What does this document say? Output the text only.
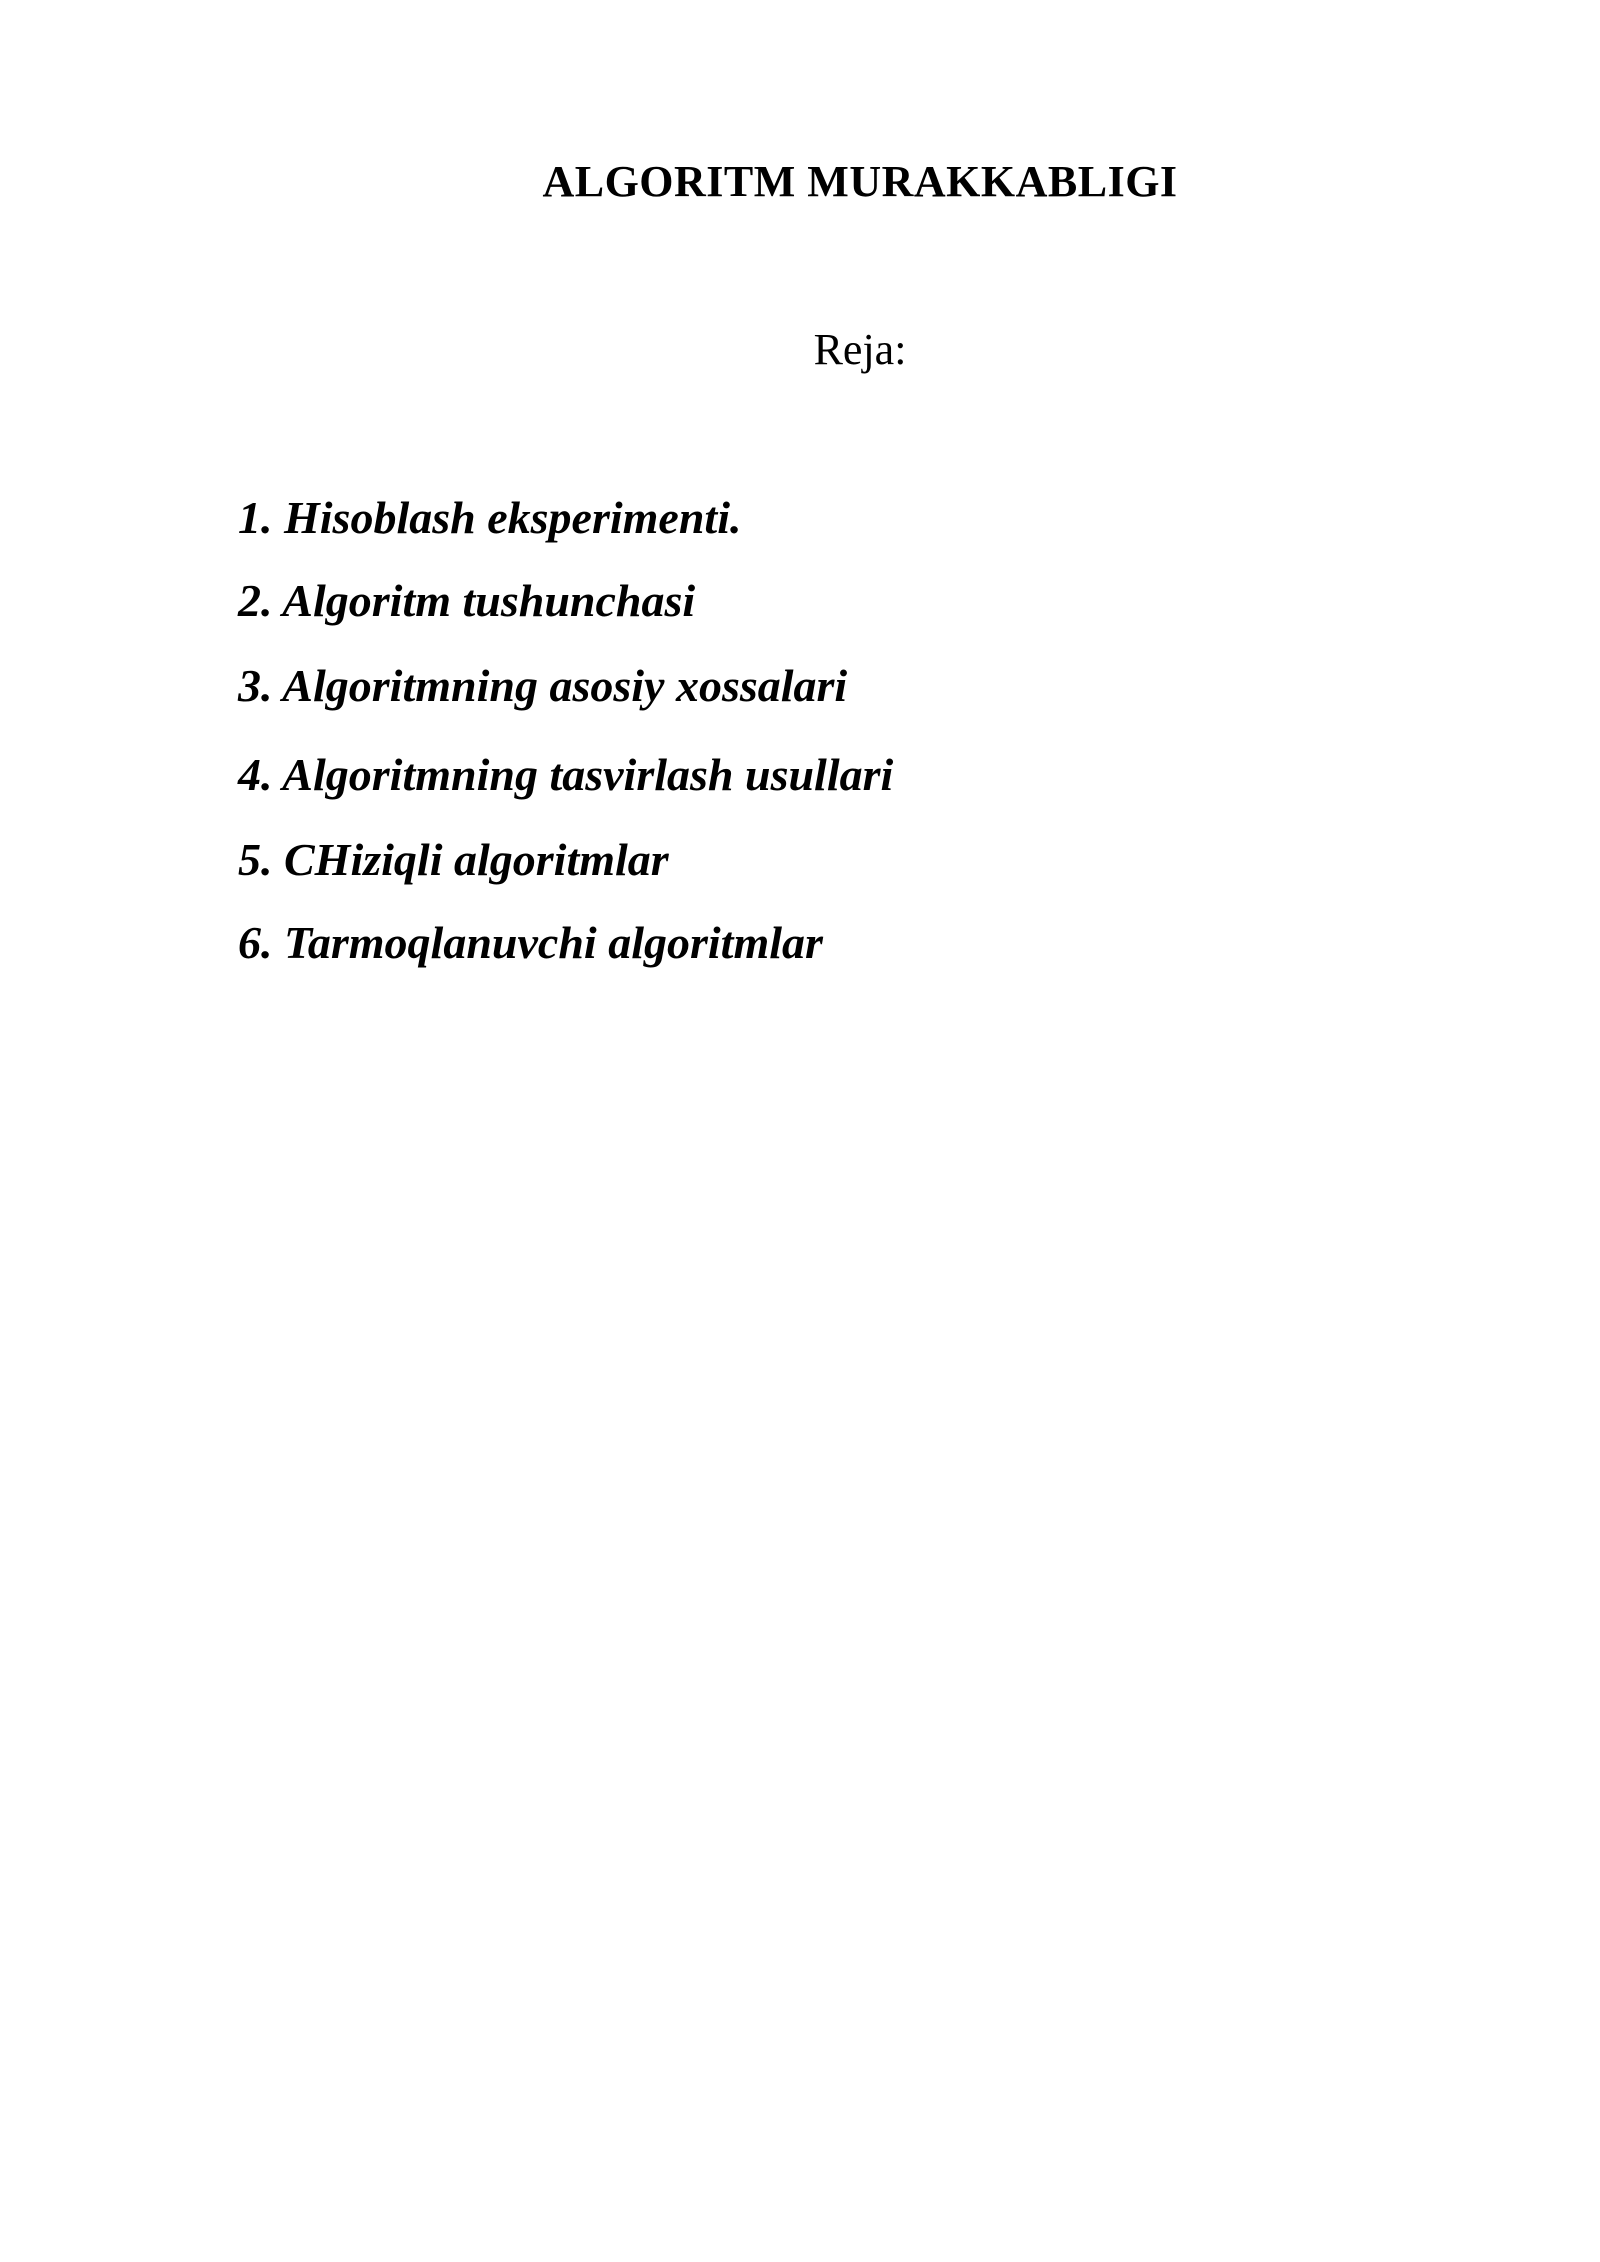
ALGORITM MURAKKABLIGI
Reja:
1. Hisoblash eksperimenti.
2. Algoritm tushunchasi
3. Algoritmning asosiy xossalari
4. Algoritmning tasvirlash usullari
5. CHiziqli algoritmlar
6. Tarmoqlanuvchi algoritmlar
